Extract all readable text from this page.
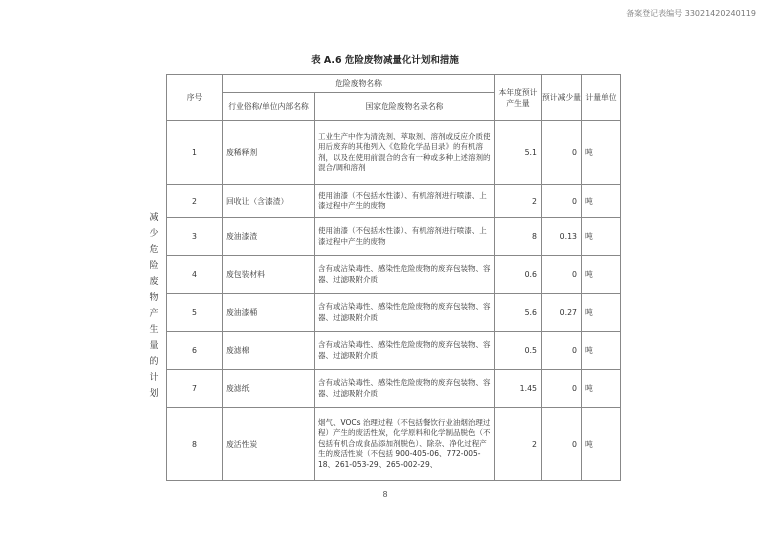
备案登记表编号 33021420240119
表 A.6 危险废物减量化计划和措施
减少危险废物产生量的计划
序号	危险废物名称		本年度预计产生量	预计减少量	计量单位
	行业俗称/单位内部名称	国家危险废物名录名称			
1	废稀释剂	工业生产中作为清洗剂、萃取剂、溶剂或反应介质使用后废弃的其他列入《危险化学品目录》的有机溶剂，以及在使用前混合的含有一种或多种上述溶剂的混合/调和溶剂	5.1	0	吨
2	回收让（含漆渣）	使用油漆（不包括水性漆）、有机溶剂进行喷漆、上漆过程中产生的废物	2	0	吨
3	废油漆渣	使用油漆（不包括水性漆）、有机溶剂进行喷漆、上漆过程中产生的废物	8	0.13	吨
4	废包装材料	含有或沾染毒性、感染性危险废物的废弃包装物、容器、过滤吸附介质	0.6	0	吨
5	废油漆桶	含有或沾染毒性、感染性危险废物的废弃包装物、容器、过滤吸附介质	5.6	0.27	吨
6	废滤棉	含有或沾染毒性、感染性危险废物的废弃包装物、容器、过滤吸附介质	0.5	0	吨
7	废滤纸	含有或沾染毒性、感染性危险废物的废弃包装物、容器、过滤吸附介质	1.45	0	吨
8	废活性炭	烟气、VOCs 治理过程（不包括餐饮行业油烟治理过程）产生的废活性炭，化学原料和化学制品脱色（不包括有机合成食品添加剂脱色）、除杂、净化过程产生的废活性炭（不包括 900-405-06、772-005-18、261-053-29、265-002-29、	2	0	吨
8
